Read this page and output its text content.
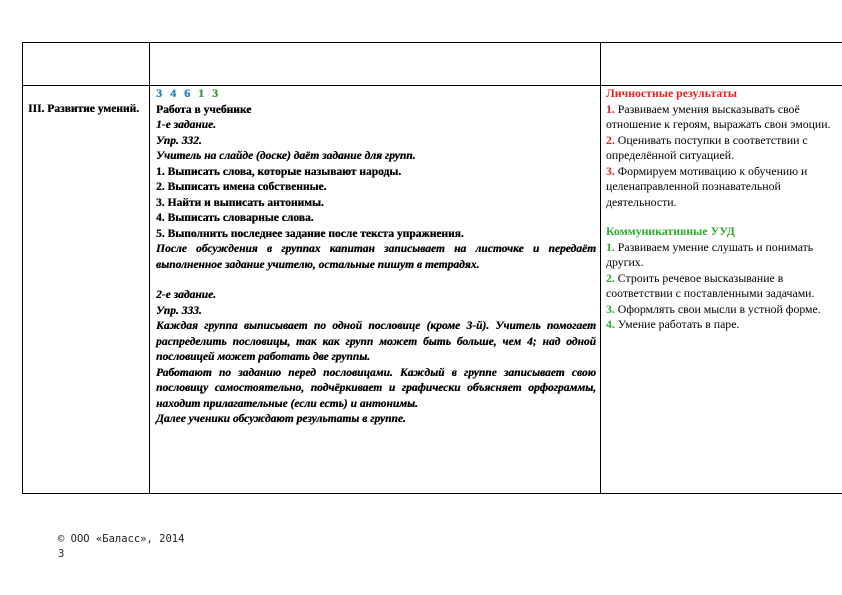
III. Развитие умений.
3 4 6 1 3
Работа в учебнике
1-е задание.
Упр. 332.
Учитель на слайде (доске) даёт задание для групп.
1. Выписать слова, которые называют народы.
2. Выписать имена собственные.
3. Найти и выписать антонимы.
4. Выписать словарные слова.
5. Выполнить последнее задание после текста упражнения.
После обсуждения в группах капитан записывает на листочке и передаёт выполненное задание учителю, остальные пишут в тетрадях.
2-е задание.
Упр. 333.
Каждая группа выписывает по одной пословице (кроме 3-й). Учитель помогает распределить пословицы, так как групп может быть больше, чем 4; над одной пословицей может работать две группы.
Работают по заданию перед пословицами. Каждый в группе записывает свою пословицу самостоятельно, подчёркивает и графически объясняет орфограммы, находит прилагательные (если есть) и антонимы.
Далее ученики обсуждают результаты в группе.
Личностные результаты
1. Развиваем умения высказывать своё отношение к героям, выражать свои эмоции.
2. Оценивать поступки в соответствии с определённой ситуацией.
3. Формируем мотивацию к обучению и целенаправленной познавательной деятельности.
Коммуникативные УУД
1. Развиваем умение слушать и понимать других.
2. Строить речевое высказывание в соответствии с поставленными задачами.
3. Оформлять свои мысли в устной форме.
4. Умение работать в паре.
© ООО «Баласс», 2014
3
